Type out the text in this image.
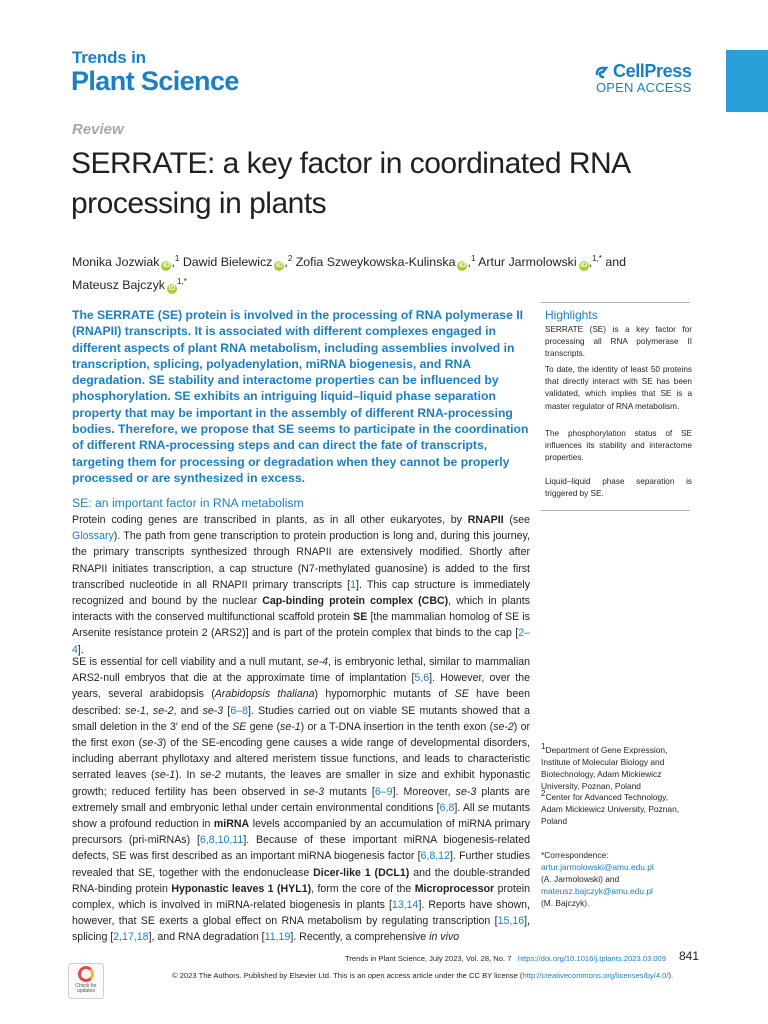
Trends in
Plant Science	CellPress
OPEN ACCESS
Review
SERRATE: a key factor in coordinated RNA processing in plants
Monika Jozwiak iD ,$^1$ Dawid Bielewicz iD ,$^2$ Zofia Szweykowska-Kulinska iD ,$^1$ Artur Jarmolowski iD ,$^{1,*}$ and
Mateusz Bajczyk $iD^{1,*}$
The SERRATE (SE) protein is involved in the processing of RNA polymerase II (RNAPII) transcripts. It is associated with different complexes engaged in different aspects of plant RNA metabolism, including assemblies involved in transcription, splicing, polyadenylation, miRNA biogenesis, and RNA degradation. SE stability and interactome properties can be influenced by phosphorylation. SE exhibits an intriguing liquid–liquid phase separation property that may be important in the assembly of different RNA-processing bodies. Therefore, we propose that SE seems to participate in the coordination of different RNA-processing steps and can direct the fate of transcripts, targeting them for processing or degradation when they cannot be properly processed or are synthesized in excess.
Highlights
SERRATE (SE) is a key factor for processing all RNA polymerase II transcripts.
To date, the identity of least 50 proteins that directly interact with SE has been validated, which implies that SE is a master regulator of RNA metabolism.
The phosphorylation status of SE influences its stability and interactome properties.
Liquid–liquid phase separation is triggered by SE.
SE: an important factor in RNA metabolism
Protein coding genes are transcribed in plants, as in all other eukaryotes, by RNAPII (see Glossary). The path from gene transcription to protein production is long and, during this journey, the primary transcripts synthesized through RNAPII are extensively modified. Shortly after RNAPII initiates transcription, a cap structure (N7-methylated guanosine) is added to the first transcribed nucleotide in all RNAPII primary transcripts [1]. This cap structure is immediately recognized and bound by the nuclear Cap-binding protein complex (CBC), which in plants interacts with the conserved multifunctional scaffold protein SE [the mammalian homolog of SE is Arsenite resistance protein 2 (ARS2)] and is part of the protein complex that binds to the cap [2–4].
SE is essential for cell viability and a null mutant, se-4, is embryonic lethal, similar to mammalian ARS2-null embryos that die at the approximate time of implantation [5,6]. However, over the years, several arabidopsis (Arabidopsis thaliana) hypomorphic mutants of SE have been described: se-1, se-2, and se-3 [6–8]. Studies carried out on viable SE mutants showed that a small deletion in the 3′ end of the SE gene (se-1) or a T-DNA insertion in the tenth exon (se-2) or the first exon (se-3) of the SE-encoding gene causes a wide range of developmental disorders, including aberrant phyllotaxy and altered meristem tissue functions, and leads to characteristic serrated leaves (se-1). In se-2 mutants, the leaves are smaller in size and exhibit hyponastic growth; reduced fertility has been observed in se-3 mutants [6–9]. Moreover, se-3 plants are extremely small and embryonic lethal under certain environmental conditions [6,8]. All se mutants show a profound reduction in miRNA levels accompanied by an accumulation of miRNA primary precursors (pri-miRNAs) [6,8,10,11]. Because of these important miRNA biogenesis-related defects, SE was first described as an important miRNA biogenesis factor [6,8,12]. Further studies revealed that SE, together with the endonuclease Dicer-like 1 (DCL1) and the double-stranded RNA-binding protein Hyponastic leaves 1 (HYL1), form the core of the Microprocessor protein complex, which is involved in miRNA-related biogenesis in plants [13,14]. Reports have shown, however, that SE exerts a global effect on RNA metabolism by regulating transcription [15,16], splicing [2,17,18], and RNA degradation [11,19]. Recently, a comprehensive in vivo
$^1$Department of Gene Expression, Institute of Molecular Biology and Biotechnology, Adam Mickiewicz University, Poznan, Poland
$^2$Center for Advanced Technology, Adam Mickiewicz University, Poznan, Poland
*Correspondence:
artur.jarmolowski@amu.edu.pl
(A. Jarmolowski) and
mateusz.bajczyk@amu.edu.pl
(M. Bajczyk).
Check for updates
Trends in Plant Science, July 2023, Vol. 28, No. 7 https://doi.org/10.1016/j.tplants.2023.03.009 841
© 2023 The Authors. Published by Elsevier Ltd. This is an open access article under the CC BY license (http://creativecommons.org/licenses/by/4.0/).
